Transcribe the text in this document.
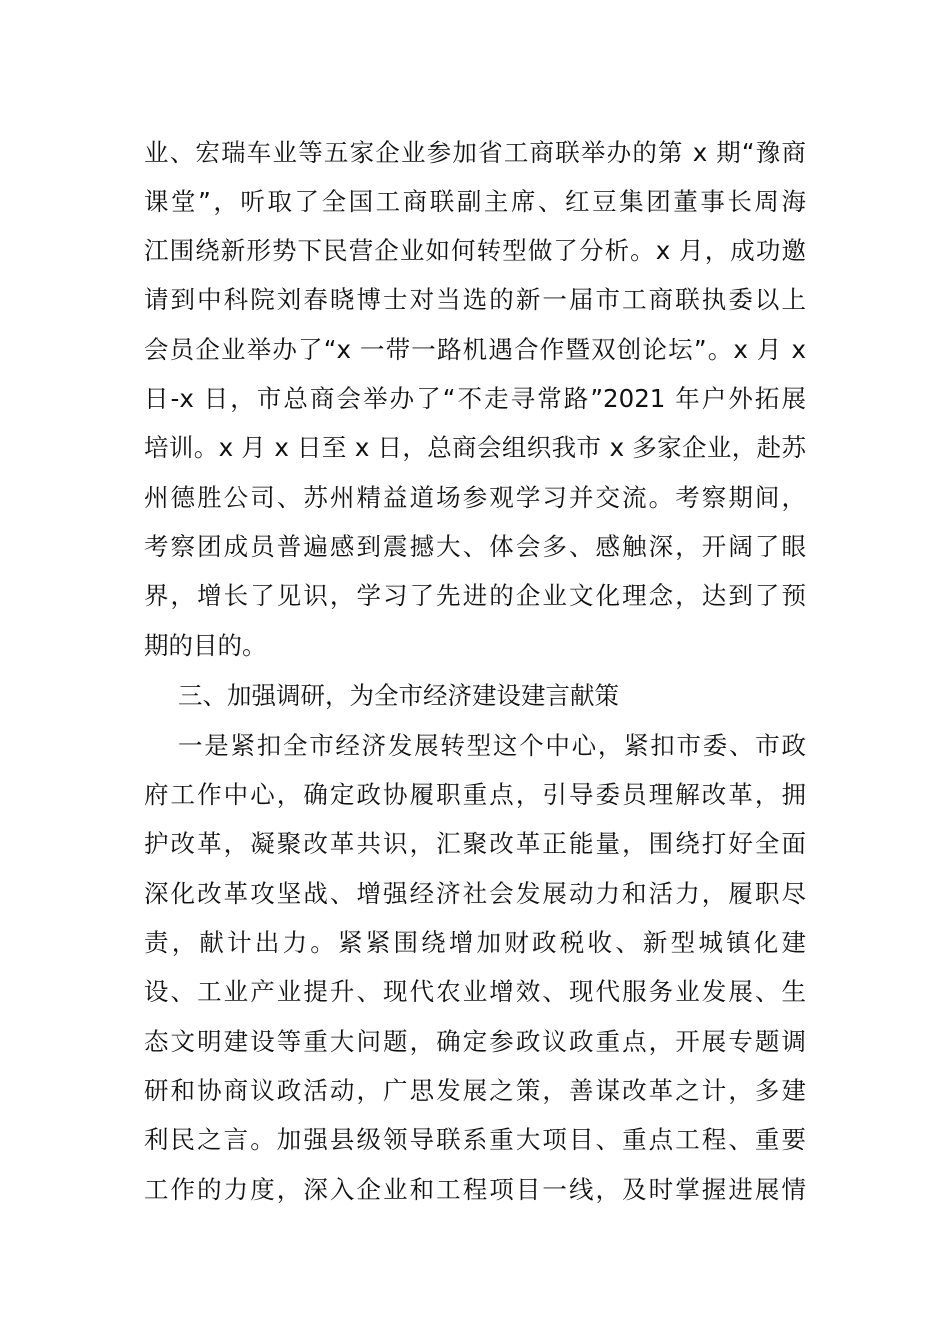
业、宏瑞车业等五家企业参加省工商联举办的第 x 期“豫商
课堂”，听取了全国工商联副主席、红豆集团董事长周海
江围绕新形势下民营企业如何转型做了分析。x 月，成功邀
请到中科院刘春晓博士对当选的新一届市工商联执委以上
会员企业举办了“x 一带一路机遇合作暨双创论坛”。x 月 x
日-x 日，市总商会举办了“不走寻常路”2021 年户外拓展
培训。x 月 x 日至 x 日，总商会组织我市 x 多家企业，赴苏
州德胜公司、苏州精益道场参观学习并交流。考察期间，
考察团成员普遍感到震撼大、体会多、感触深，开阔了眼
界，增长了见识，学习了先进的企业文化理念，达到了预
期的目的。
三、加强调研，为全市经济建设建言献策
一是紧扣全市经济发展转型这个中心，紧扣市委、市政
府工作中心，确定政协履职重点，引导委员理解改革，拥
护改革，凝聚改革共识，汇聚改革正能量，围绕打好全面
深化改革攻坚战、增强经济社会发展动力和活力，履职尽
责，献计出力。紧紧围绕增加财政税收、新型城镇化建
设、工业产业提升、现代农业增效、现代服务业发展、生
态文明建设等重大问题，确定参政议政重点，开展专题调
研和协商议政活动，广思发展之策，善谋改革之计，多建
利民之言。加强县级领导联系重大项目、重点工程、重要
工作的力度，深入企业和工程项目一线，及时掌握进展情
